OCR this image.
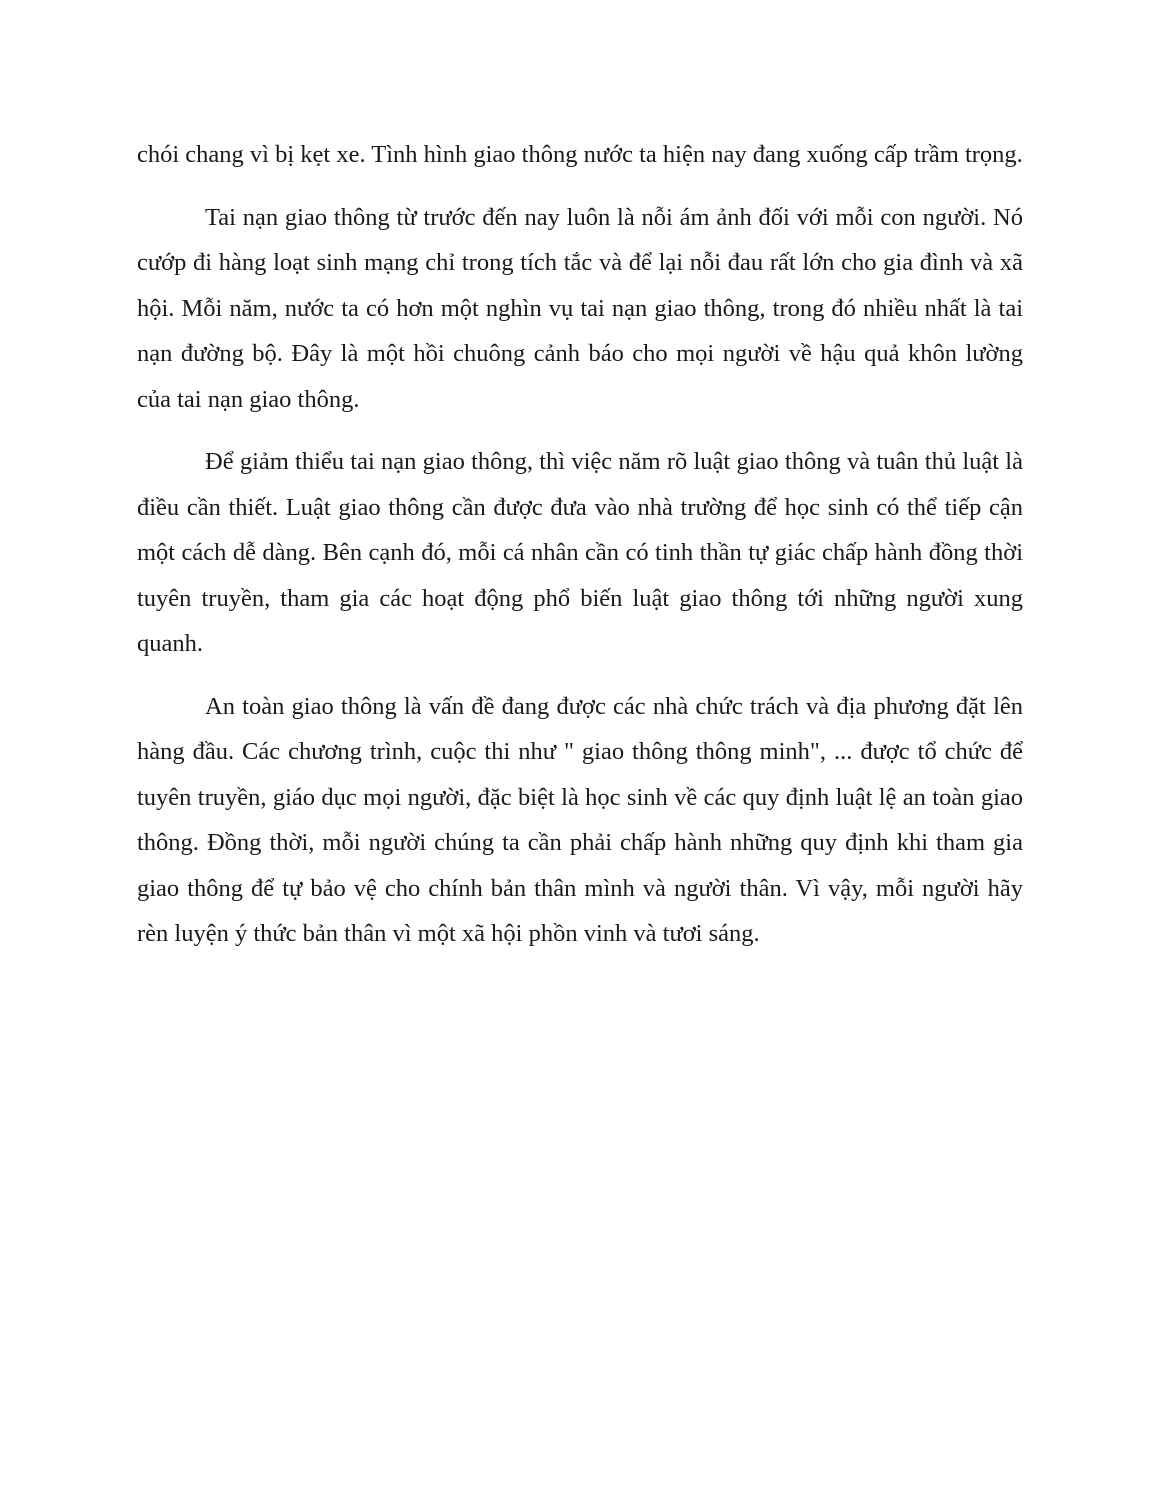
chói chang vì bị kẹt xe. Tình hình giao thông nước ta hiện nay đang xuống cấp trầm trọng.

Tai nạn giao thông từ trước đến nay luôn là nỗi ám ảnh đối với mỗi con người. Nó cướp đi hàng loạt sinh mạng chỉ trong tích tắc và để lại nỗi đau rất lớn cho gia đình và xã hội. Mỗi năm, nước ta có hơn một nghìn vụ tai nạn giao thông, trong đó nhiều nhất là tai nạn đường bộ. Đây là một hồi chuông cảnh báo cho mọi người về hậu quả khôn lường của tai nạn giao thông.

Để giảm thiểu tai nạn giao thông, thì việc năm rõ luật giao thông và tuân thủ luật là điều cần thiết. Luật giao thông cần được đưa vào nhà trường để học sinh có thể tiếp cận một cách dễ dàng. Bên cạnh đó, mỗi cá nhân cần có tinh thần tự giác chấp hành đồng thời tuyên truyền, tham gia các hoạt động phổ biến luật giao thông tới những người xung quanh.

An toàn giao thông là vấn đề đang được các nhà chức trách và địa phương đặt lên hàng đầu. Các chương trình, cuộc thi như " giao thông thông minh", ... được tổ chức để tuyên truyền, giáo dục mọi người, đặc biệt là học sinh về các quy định luật lệ an toàn giao thông. Đồng thời, mỗi người chúng ta cần phải chấp hành những quy định khi tham gia giao thông để tự bảo vệ cho chính bản thân mình và người thân. Vì vậy, mỗi người hãy rèn luyện ý thức bản thân vì một xã hội phồn vinh và tươi sáng.
